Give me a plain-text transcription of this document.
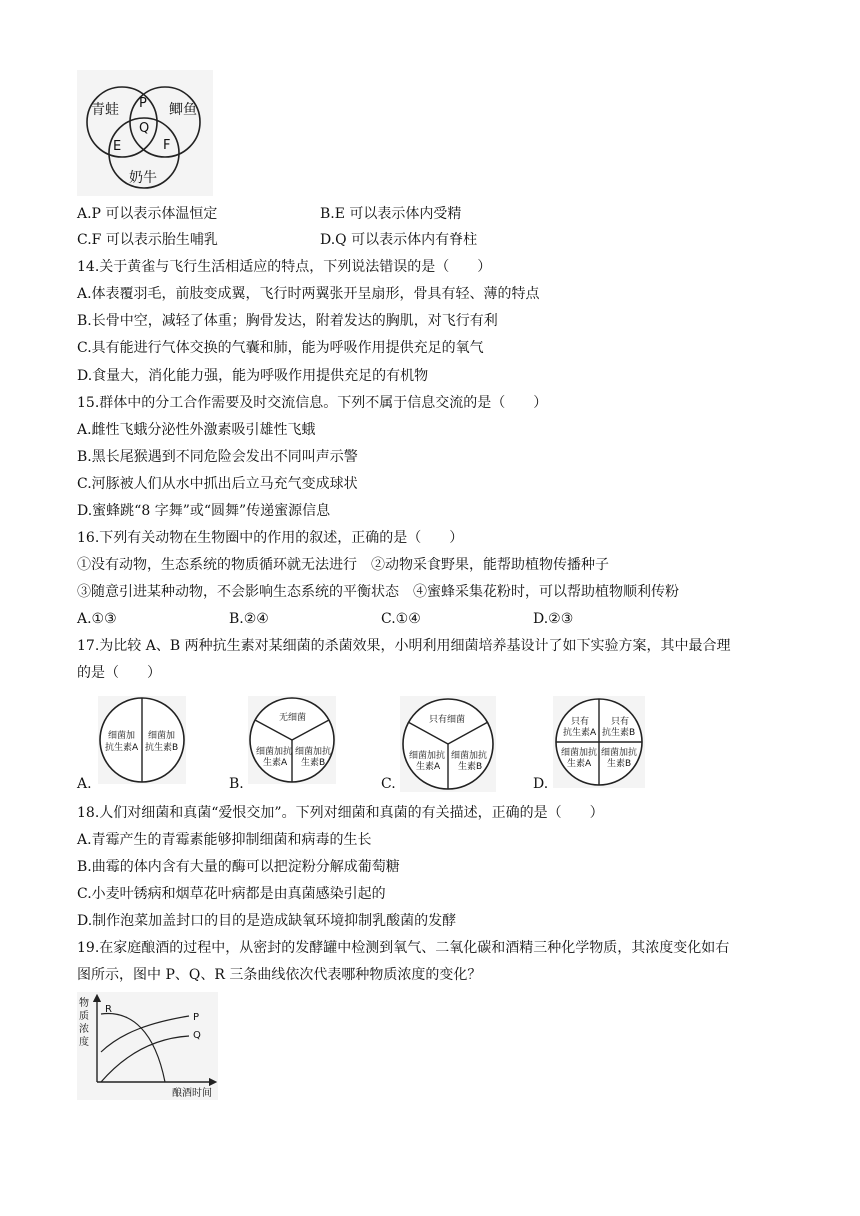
青蛙	鲫鱼
奶牛
P
Q
E	F
A.P 可以表示体温恒定	B.E 可以表示体内受精
C.F 可以表示胎生哺乳	D.Q 可以表示体内有脊柱
14.关于黄雀与飞行生活相适应的特点，下列说法错误的是（　　）
A.体表覆羽毛，前肢变成翼，飞行时两翼张开呈扇形，骨具有轻、薄的特点
B.长骨中空，减轻了体重；胸骨发达，附着发达的胸肌，对飞行有利
C.具有能进行气体交换的气囊和肺，能为呼吸作用提供充足的氧气
D.食量大，消化能力强，能为呼吸作用提供充足的有机物
15.群体中的分工合作需要及时交流信息。下列不属于信息交流的是（　　）
A.雌性飞蛾分泌性外激素吸引雄性飞蛾
B.黑长尾猴遇到不同危险会发出不同叫声示警
C.河豚被人们从水中抓出后立马充气变成球状
D.蜜蜂跳“8 字舞”或“圆舞”传递蜜源信息
16.下列有关动物在生物圈中的作用的叙述，正确的是（　　）
①没有动物，生态系统的物质循环就无法进行　②动物采食野果，能帮助植物传播种子
③随意引进某种动物，不会影响生态系统的平衡状态　④蜜蜂采集花粉时，可以帮助植物顺利传粉
A.①③	B.②④	C.①④	D.②③
17.为比较 A、B 两种抗生素对某细菌的杀菌效果，小明利用细菌培养基设计了如下实验方案，其中最合理
的是（　　）
A.
细菌加
抗生素A
细菌加
抗生素B
B.
无细菌
细菌加抗
生素A
细菌加抗
生素B
C.
只有细菌
细菌加抗
生素A
细菌加抗
生素B
D.
只有
抗生素A
只有
抗生素B
细菌加抗
生素A
细菌加抗
生素B
18.人们对细菌和真菌“爱恨交加”。下列对细菌和真菌的有关描述，正确的是（　　）
A.青霉产生的青霉素能够抑制细菌和病毒的生长
B.曲霉的体内含有大量的酶可以把淀粉分解成葡萄糖
C.小麦叶锈病和烟草花叶病都是由真菌感染引起的
D.制作泡菜加盖封口的目的是造成缺氧环境抑制乳酸菌的发酵
19.在家庭酿酒的过程中，从密封的发酵罐中检测到氧气、二氧化碳和酒精三种化学物质，其浓度变化如右
图所示，图中 P、Q、R 三条曲线依次代表哪种物质浓度的变化？
物
质
浓
度
酿酒时间
R
P
Q
